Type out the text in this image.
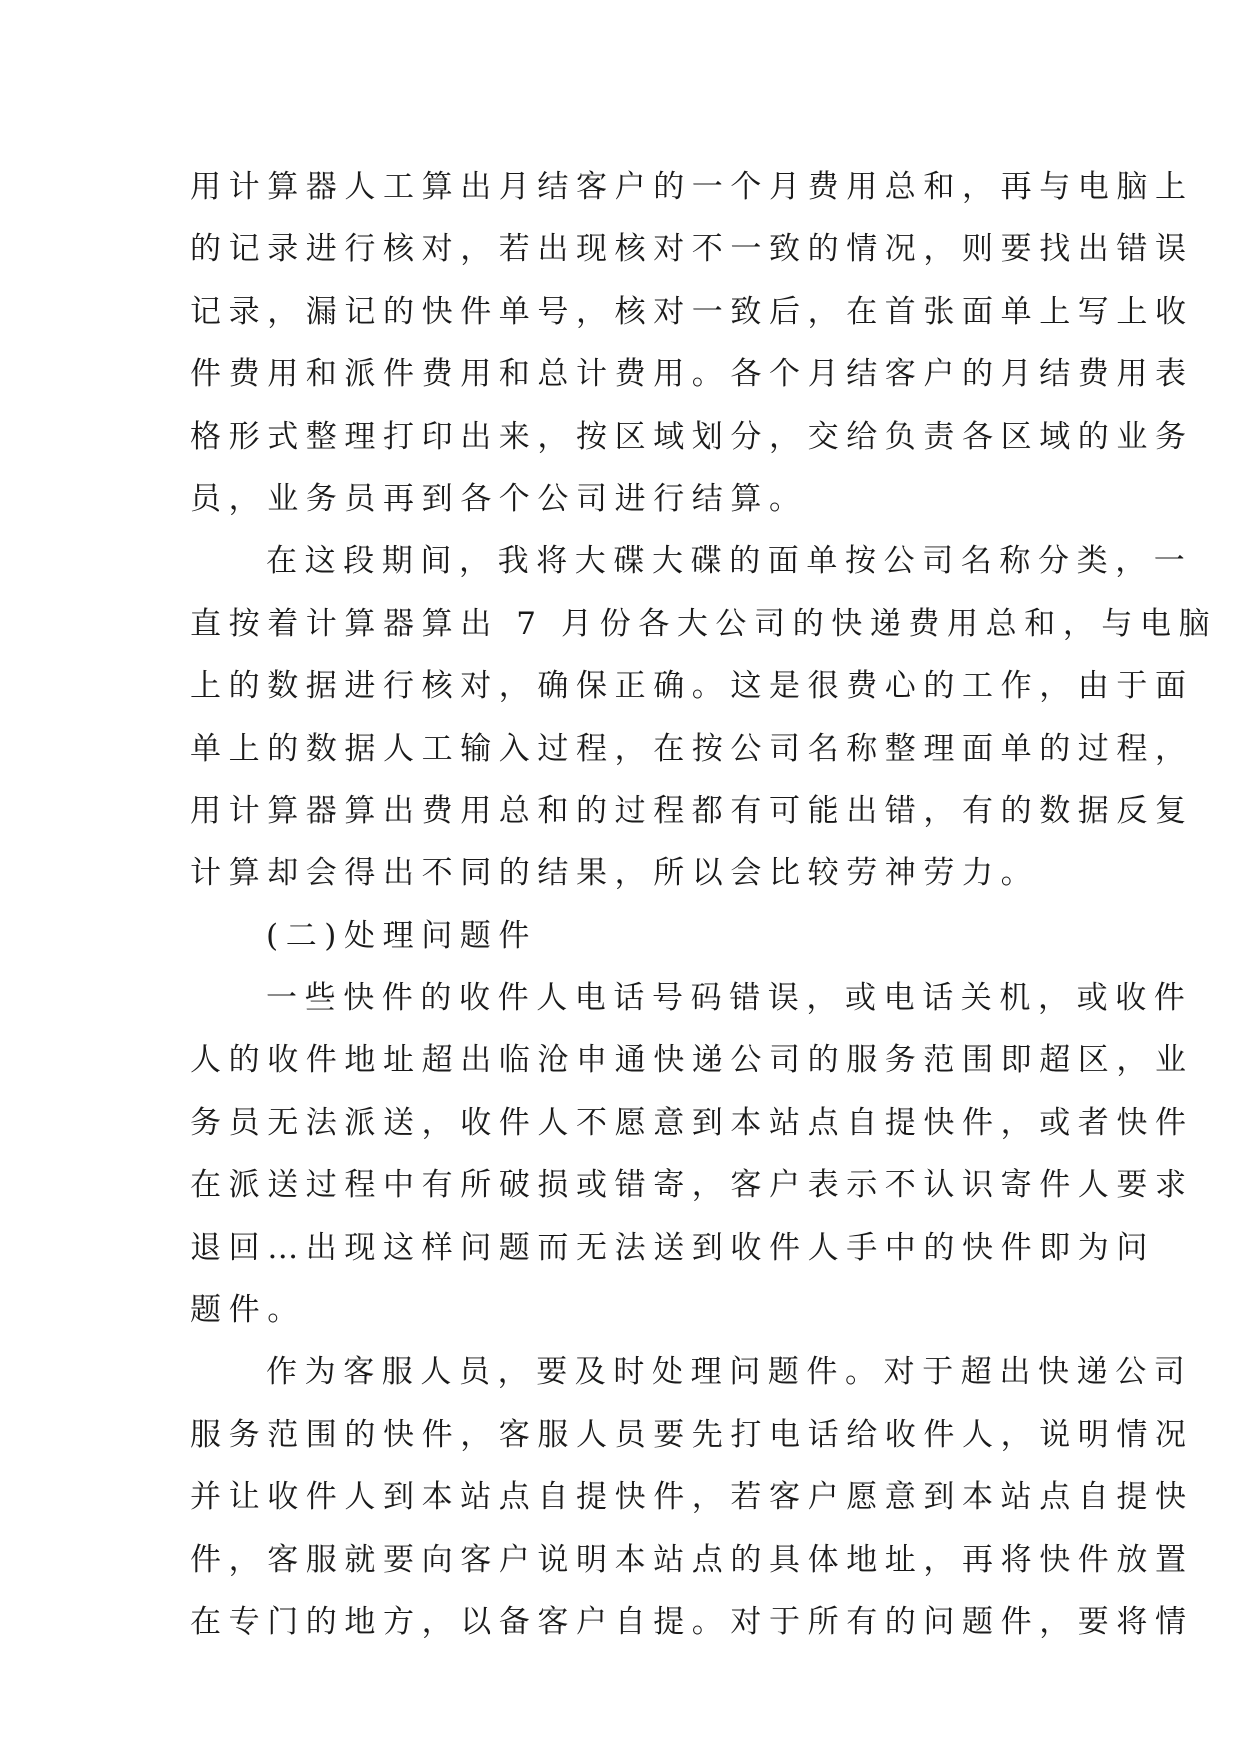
用计算器人工算出月结客户的一个月费用总和，再与电脑上
的记录进行核对，若出现核对不一致的情况，则要找出错误
记录，漏记的快件单号，核对一致后，在首张面单上写上收
件费用和派件费用和总计费用。各个月结客户的月结费用表
格形式整理打印出来，按区域划分，交给负责各区域的业务
员，业务员再到各个公司进行结算。
在这段期间，我将大碟大碟的面单按公司名称分类，一
直按着计算器算出 7 月份各大公司的快递费用总和，与电脑
上的数据进行核对，确保正确。这是很费心的工作，由于面
单上的数据人工输入过程，在按公司名称整理面单的过程，
用计算器算出费用总和的过程都有可能出错，有的数据反复
计算却会得出不同的结果，所以会比较劳神劳力。
(二)处理问题件
一些快件的收件人电话号码错误，或电话关机，或收件
人的收件地址超出临沧申通快递公司的服务范围即超区，业
务员无法派送，收件人不愿意到本站点自提快件，或者快件
在派送过程中有所破损或错寄，客户表示不认识寄件人要求
退回…出现这样问题而无法送到收件人手中的快件即为问
题件。
作为客服人员，要及时处理问题件。对于超出快递公司
服务范围的快件，客服人员要先打电话给收件人，说明情况
并让收件人到本站点自提快件，若客户愿意到本站点自提快
件，客服就要向客户说明本站点的具体地址，再将快件放置
在专门的地方，以备客户自提。对于所有的问题件，要将情
